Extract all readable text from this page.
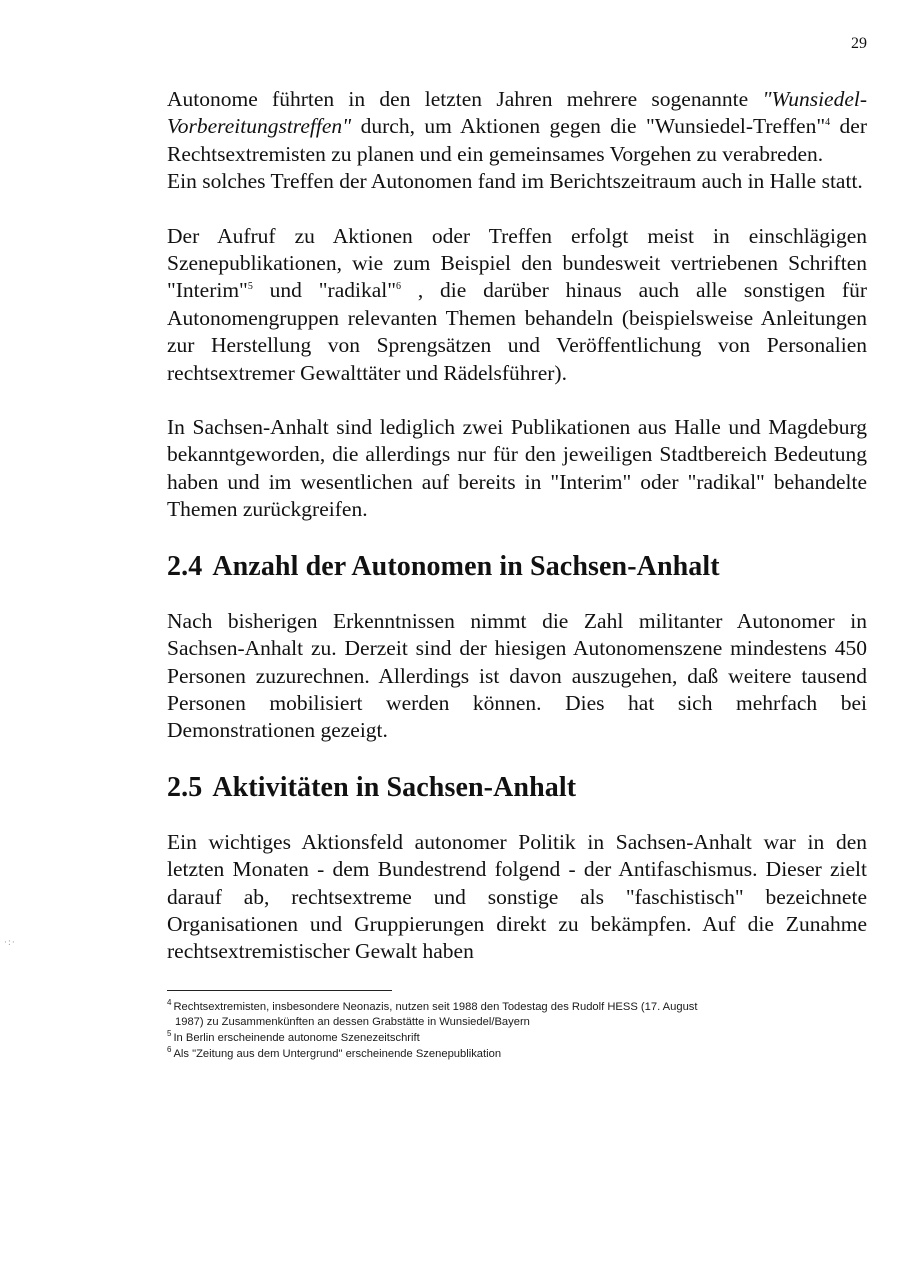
29
·:·

Autonome führten in den letzten Jahren mehrere sogenannte "Wunsiedel-Vorbereitungstreffen" durch, um Aktionen gegen die "Wunsiedel-Treffen"$^4$ der Rechtsextremisten zu planen und ein gemeinsames Vorgehen zu verabreden.

Ein solches Treffen der Autonomen fand im Berichtszeitraum auch in Halle statt.

Der Aufruf zu Aktionen oder Treffen erfolgt meist in einschlägigen Szenepublikationen, wie zum Beispiel den bundesweit vertriebenen Schriften "Interim"$^5$ und "radikal"$^6$ , die darüber hinaus auch alle sonstigen für Autonomengruppen relevanten Themen behandeln (beispielsweise Anleitungen zur Herstellung von Sprengsätzen und Veröffentlichung von Personalien rechtsextremer Gewalttäter und Rädelsführer).

In Sachsen-Anhalt sind lediglich zwei Publikationen aus Halle und Magdeburg bekanntgeworden, die allerdings nur für den jeweiligen Stadtbereich Bedeutung haben und im wesentlichen auf bereits in "Interim" oder "radikal" behandelte Themen zurückgreifen.

2.4 Anzahl der Autonomen in Sachsen-Anhalt

Nach bisherigen Erkenntnissen nimmt die Zahl militanter Autonomer in Sachsen-Anhalt zu. Derzeit sind der hiesigen Autonomenszene mindestens 450 Personen zuzurechnen. Allerdings ist davon auszugehen, daß weitere tausend Personen mobilisiert werden können. Dies hat sich mehrfach bei Demonstrationen gezeigt.

2.5 Aktivitäten in Sachsen-Anhalt

Ein wichtiges Aktionsfeld autonomer Politik in Sachsen-Anhalt war in den letzten Monaten - dem Bundestrend folgend - der Antifaschismus. Dieser zielt darauf ab, rechtsextreme und sonstige als "faschistisch" bezeichnete Organisationen und Gruppierungen direkt zu bekämpfen. Auf die Zunahme rechtsextremistischer Gewalt haben

$^4$ Rechtsextremisten, insbesondere Neonazis, nutzen seit 1988 den Todestag des Rudolf HESS (17. August
1987) zu Zusammenkünften an dessen Grabstätte in Wunsiedel/Bayern

$^5$ In Berlin erscheinende autonome Szenezeitschrift

$^6$ Als "Zeitung aus dem Untergrund" erscheinende Szenepublikation
